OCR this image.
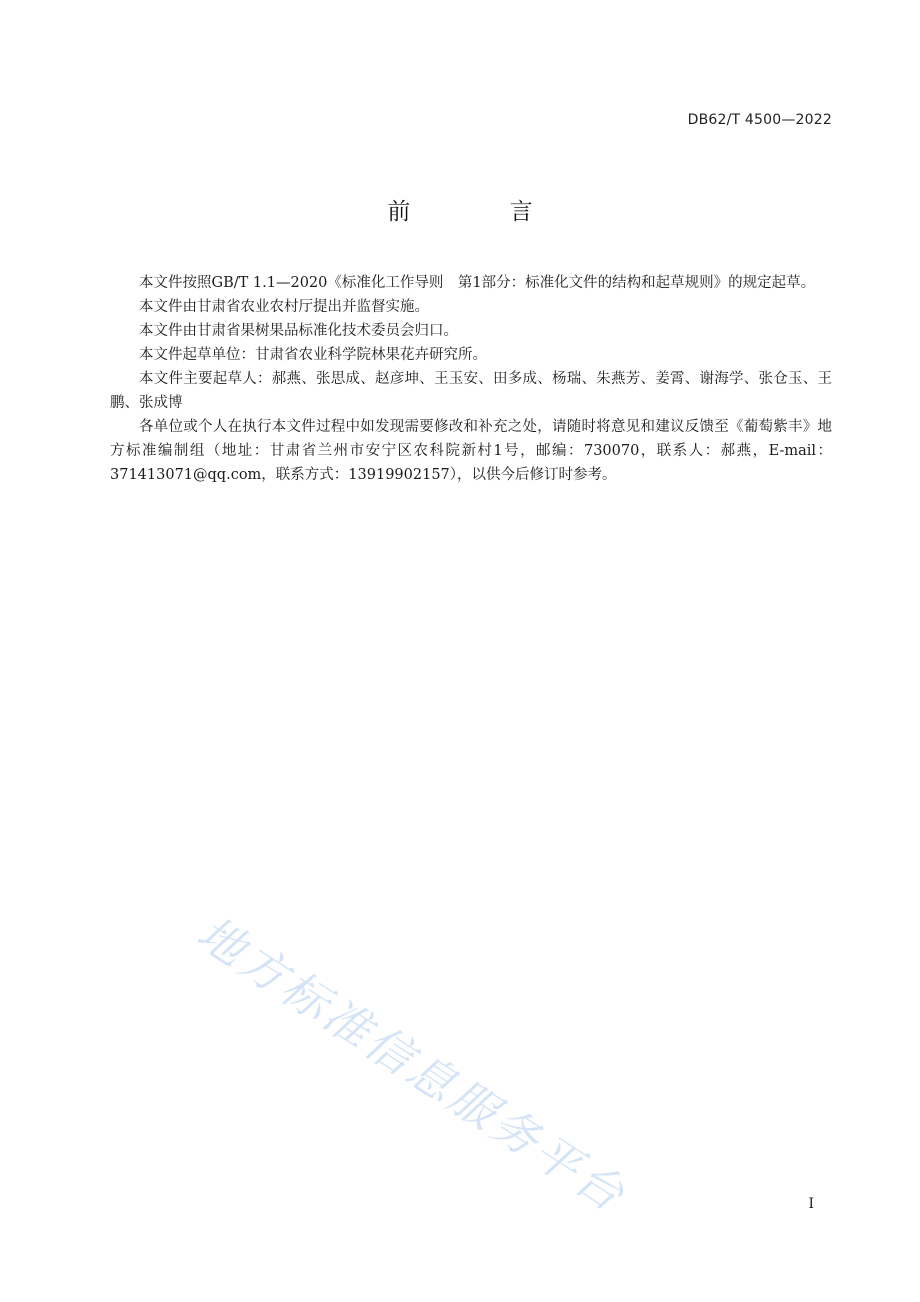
DB62/T 4500—2022
前 言

本文件按照GB/T 1.1—2020《标准化工作导则　第1部分：标准化文件的结构和起草规则》的规定起草。

本文件由甘肃省农业农村厅提出并监督实施。

本文件由甘肃省果树果品标准化技术委员会归口。

本文件起草单位：甘肃省农业科学院林果花卉研究所。

本文件主要起草人：郝燕、张思成、赵彦坤、王玉安、田多成、杨瑞、朱燕芳、姜霄、谢海学、张仓玉、王鹏、张成博

各单位或个人在执行本文件过程中如发现需要修改和补充之处，请随时将意见和建议反馈至《葡萄紫丰》地方标准编制组（地址：甘肃省兰州市安宁区农科院新村1号，邮编：730070，联系人：郝燕，E-mail：371413071@qq.com，联系方式：13919902157），以供今后修订时参考。

地方标准信息服务平台	I
